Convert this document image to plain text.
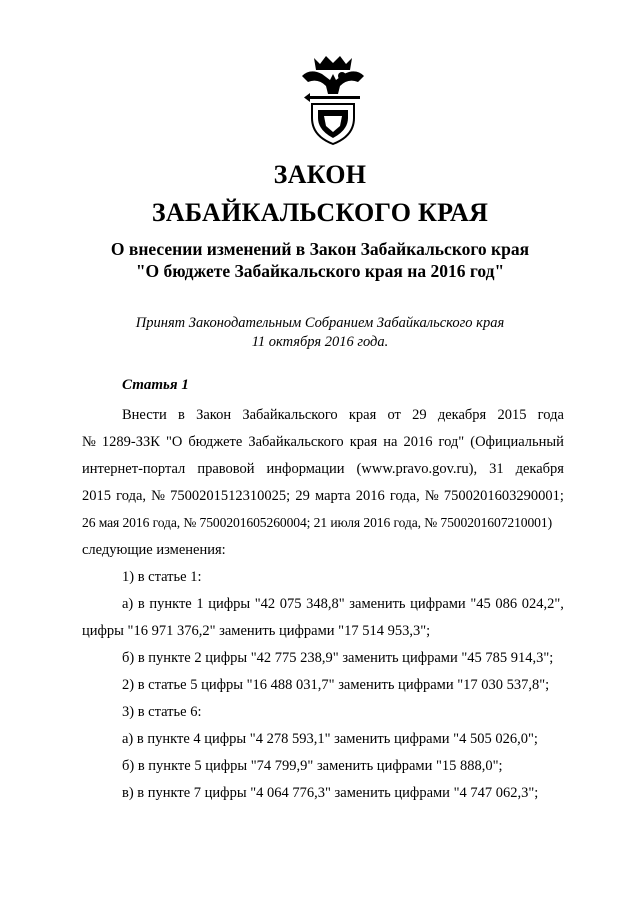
ЗАКОН
ЗАБАЙКАЛЬСКОГО КРАЯ

О внесении изменений в Закон Забайкальского края

"О бюджете Забайкальского края на 2016 год"

Принят Законодательным Собранием Забайкальского края

11 октября 2016 года.

Статья 1

Внести в Закон Забайкальского края от 29 декабря 2015 года
№ 1289-ЗЗК "О бюджете Забайкальского края на 2016 год" (Официальный
интернет-портал правовой информации (www.pravo.gov.ru), 31 декабря
2015 года, № 7500201512310025; 29 марта 2016 года, № 7500201603290001;
26 мая 2016 года, № 7500201605260004; 21 июля 2016 года, № 7500201607210001)
следующие изменения:
1) в статье 1:
а) в пункте 1 цифры "42 075 348,8" заменить цифрами "45 086 024,2",
цифры "16 971 376,2" заменить цифрами "17 514 953,3";
б) в пункте 2 цифры "42 775 238,9" заменить цифрами "45 785 914,3";
2) в статье 5 цифры "16 488 031,7" заменить цифрами "17 030 537,8";
3) в статье 6:
а) в пункте 4 цифры "4 278 593,1" заменить цифрами "4 505 026,0";
б) в пункте 5 цифры "74 799,9" заменить цифрами "15 888,0";
в) в пункте 7 цифры "4 064 776,3" заменить цифрами "4 747 062,3";
